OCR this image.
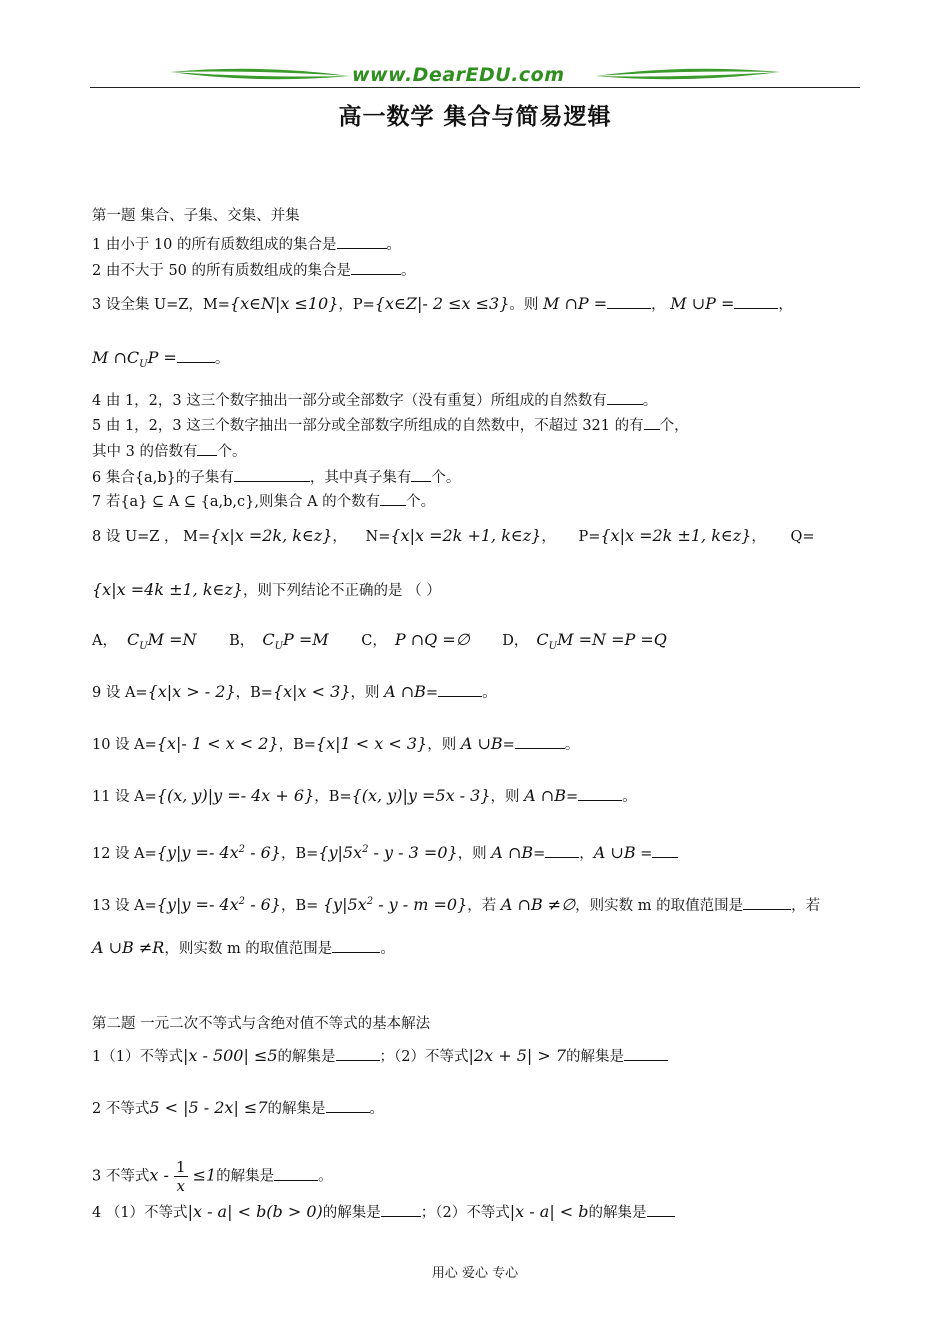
www.DearEDU.com
高一数学 集合与简易逻辑
第一题 集合、子集、交集、并集
1 由小于 10 的所有质数组成的集合是	。
2 由不大于 50 的所有质数组成的集合是	。
3 设全集 U=Z，M={x∈N|x ≤10}，P={x∈Z|- 2 ≤x ≤3}。则 M ∩P =	， M ∪P =	，
M $\cap C_UP$ =	。
4 由 1，2，3 这三个数字抽出一部分或全部数字（没有重复）所组成的自然数有 。
5 由 1，2，3 这三个数字抽出一部分或全部数字所组成的自然数中，不超过 321 的有 个，
其中 3 的倍数有 个。
6 集合{a,b}的子集有	，其中真子集有 个。
7 若{a} ⊆ A ⊆ {a,b,c},则集合 A 的个数有 个。
8 设 U=Z ， M={x|x =2k, k∈z}， N={x|x =2k +1, k∈z}， P={x|x =2k ±1, k∈z}， Q=
{x|x =4k ±1, k∈z}，则下列结论不正确的是 （ ）
A， $C_UM =N$ B， $C_UP =M$ C， P ∩Q =∅ D， $C_UM =N =P =Q$
9 设 A={x|x > - 2}，B={x|x < 3}，则 A ∩B=	。
10 设 A={x|- 1 < x < 2}，B={x|1 < x < 3}，则 A ∪B=	。
11 设 A={(x, y)|y =- 4x + 6}，B={(x, y)|y =5x - 3}，则 A ∩B=	。
12 设 $A=\{y|y =- 4x^2 - 6\}$，$B=\{y|5x^2 - y - 3 =0\}$，则 A ∩B= ，A ∪B =
13 设 $A=\{y|y =- 4x^2 - 6\}$，$B= \{y|5x^2 - y - m =0\}$，若 A ∩B ≠∅，则实数 m 的取值范围是	，若
A ∪B ≠R，则实数 m 的取值范围是	。
第二题 一元二次不等式与含绝对值不等式的基本解法
1（1）不等式|x - 500| ≤5的解集是	；（2）不等式|2x + 5| > 7的解集是
2 不等式5 < |5 - 2x| ≤7的解集是	。
3 不等式$x - \frac{1}{x} \le 1$的解集是	。
4 （1）不等式|x - a| < b(b > 0)的解集是	；（2）不等式|x - a| < b的解集是
用心 爱心 专心
